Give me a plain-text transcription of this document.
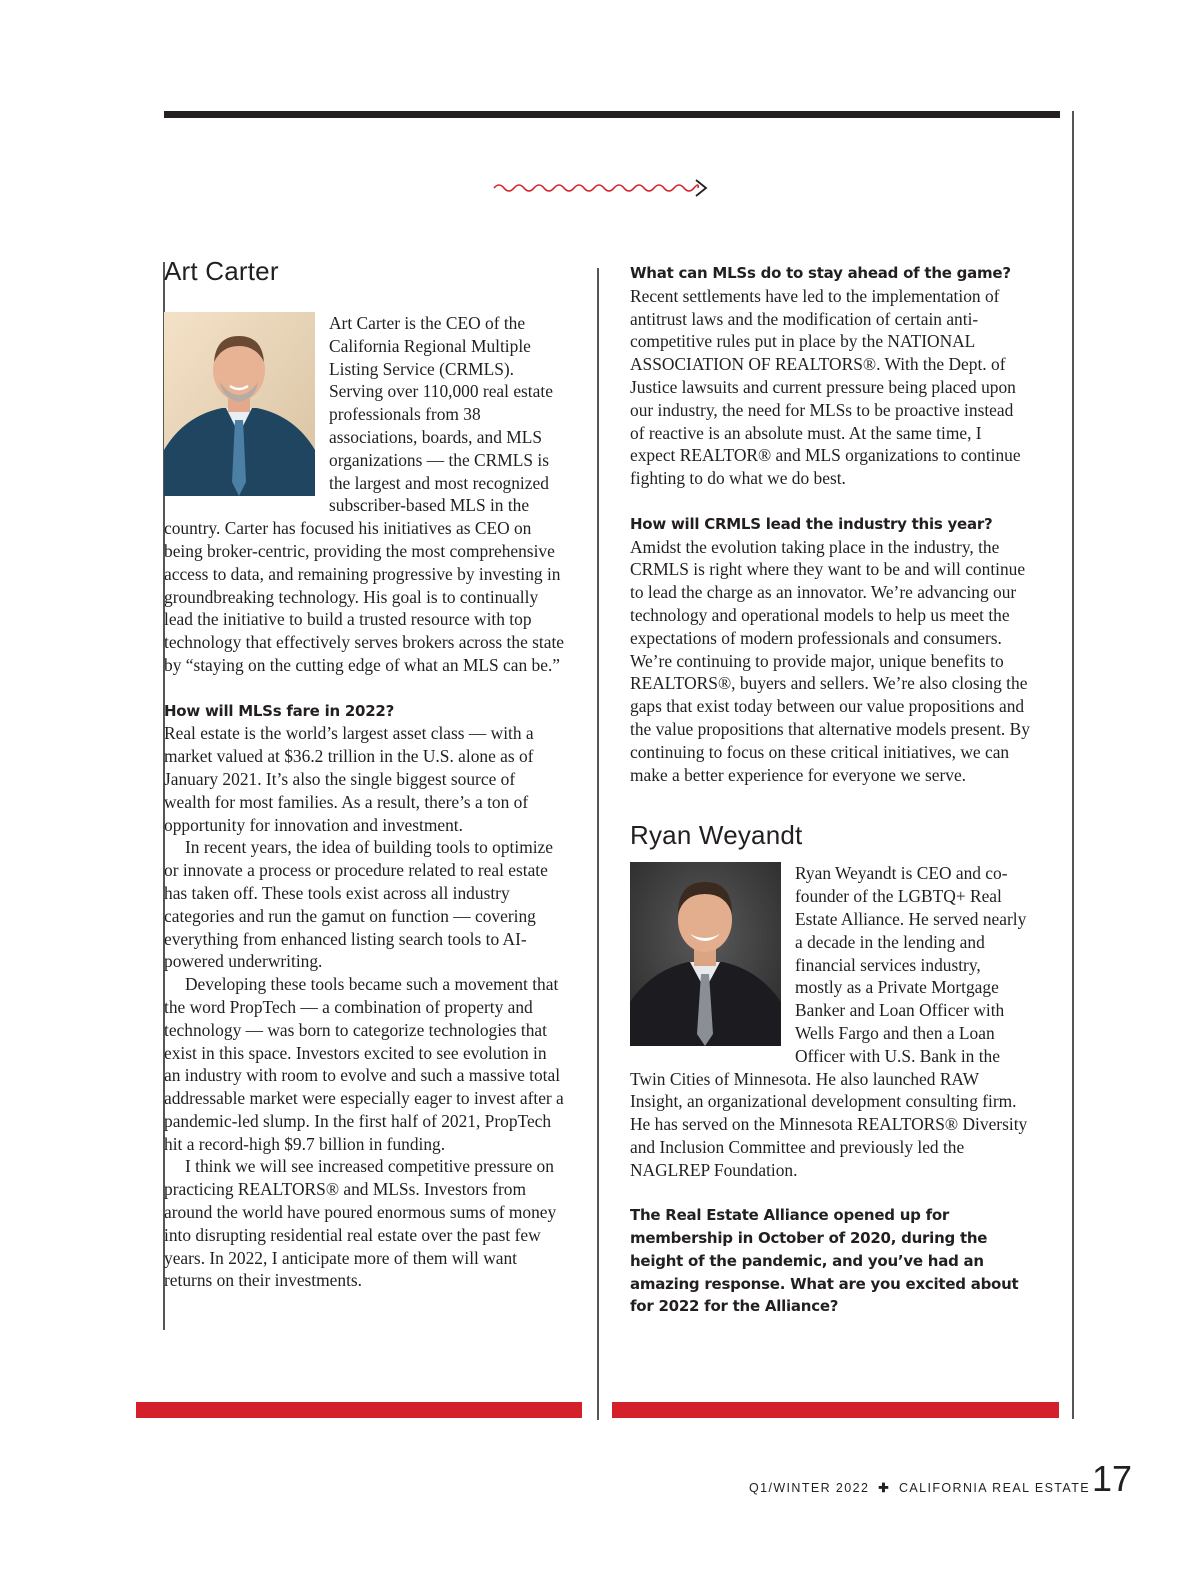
Art Carter

Art Carter is the CEO of the California Regional Multiple Listing Service (CRMLS). Serving over 110,000 real estate professionals from 38 associations, boards, and MLS organizations — the CRMLS is the largest and most recognized subscriber-based MLS in the country. Carter has focused his initiatives as CEO on being broker-centric, providing the most comprehensive access to data, and remaining progressive by investing in groundbreaking technology. His goal is to continually lead the initiative to build a trusted resource with top technology that effectively serves brokers across the state by “staying on the cutting edge of what an MLS can be.”

How will MLSs fare in 2022?

Real estate is the world’s largest asset class — with a market valued at $36.2 trillion in the U.S. alone as of January 2021. It’s also the single biggest source of wealth for most families. As a result, there’s a ton of opportunity for innovation and investment.

In recent years, the idea of building tools to optimize or innovate a process or procedure related to real estate has taken off. These tools exist across all industry categories and run the gamut on function — covering everything from enhanced listing search tools to AI-powered underwriting.

Developing these tools became such a movement that the word PropTech — a combination of property and technology — was born to categorize technologies that exist in this space. Investors excited to see evolution in an industry with room to evolve and such a massive total addressable market were especially eager to invest after a pandemic-led slump. In the first half of 2021, PropTech hit a record-high $9.7 billion in funding.

I think we will see increased competitive pressure on practicing REALTORS® and MLSs. Investors from around the world have poured enormous sums of money into disrupting residential real estate over the past few years. In 2022, I anticipate more of them will want returns on their investments.

What can MLSs do to stay ahead of the game?

Recent settlements have led to the implementation of antitrust laws and the modification of certain anti-competitive rules put in place by the NATIONAL ASSOCIATION OF REALTORS®. With the Dept. of Justice lawsuits and current pressure being placed upon our industry, the need for MLSs to be proactive instead of reactive is an absolute must. At the same time, I expect REALTOR® and MLS organizations to continue fighting to do what we do best.

How will CRMLS lead the industry this year?

Amidst the evolution taking place in the industry, the CRMLS is right where they want to be and will continue to lead the charge as an innovator. We’re advancing our technology and operational models to help us meet the expectations of modern professionals and consumers. We’re continuing to provide major, unique benefits to REALTORS®, buyers and sellers. We’re also closing the gaps that exist today between our value propositions and the value propositions that alternative models present. By continuing to focus on these critical initiatives, we can make a better experience for everyone we serve.

Ryan Weyandt

Ryan Weyandt is CEO and co-founder of the LGBTQ+ Real Estate Alliance. He served nearly a decade in the lending and financial services industry, mostly as a Private Mortgage Banker and Loan Officer with Wells Fargo and then a Loan Officer with U.S. Bank in the Twin Cities of Minnesota. He also launched RAW Insight, an organizational development consulting firm. He has served on the Minnesota REALTORS® Diversity and Inclusion Committee and previously led the NAGLREP Foundation.

The Real Estate Alliance opened up for membership in October of 2020, during the height of the pandemic, and you’ve had an amazing response. What are you excited about for 2022 for the Alliance?

Q1/WINTER 2022 ✚ CALIFORNIA REAL ESTATE 17
